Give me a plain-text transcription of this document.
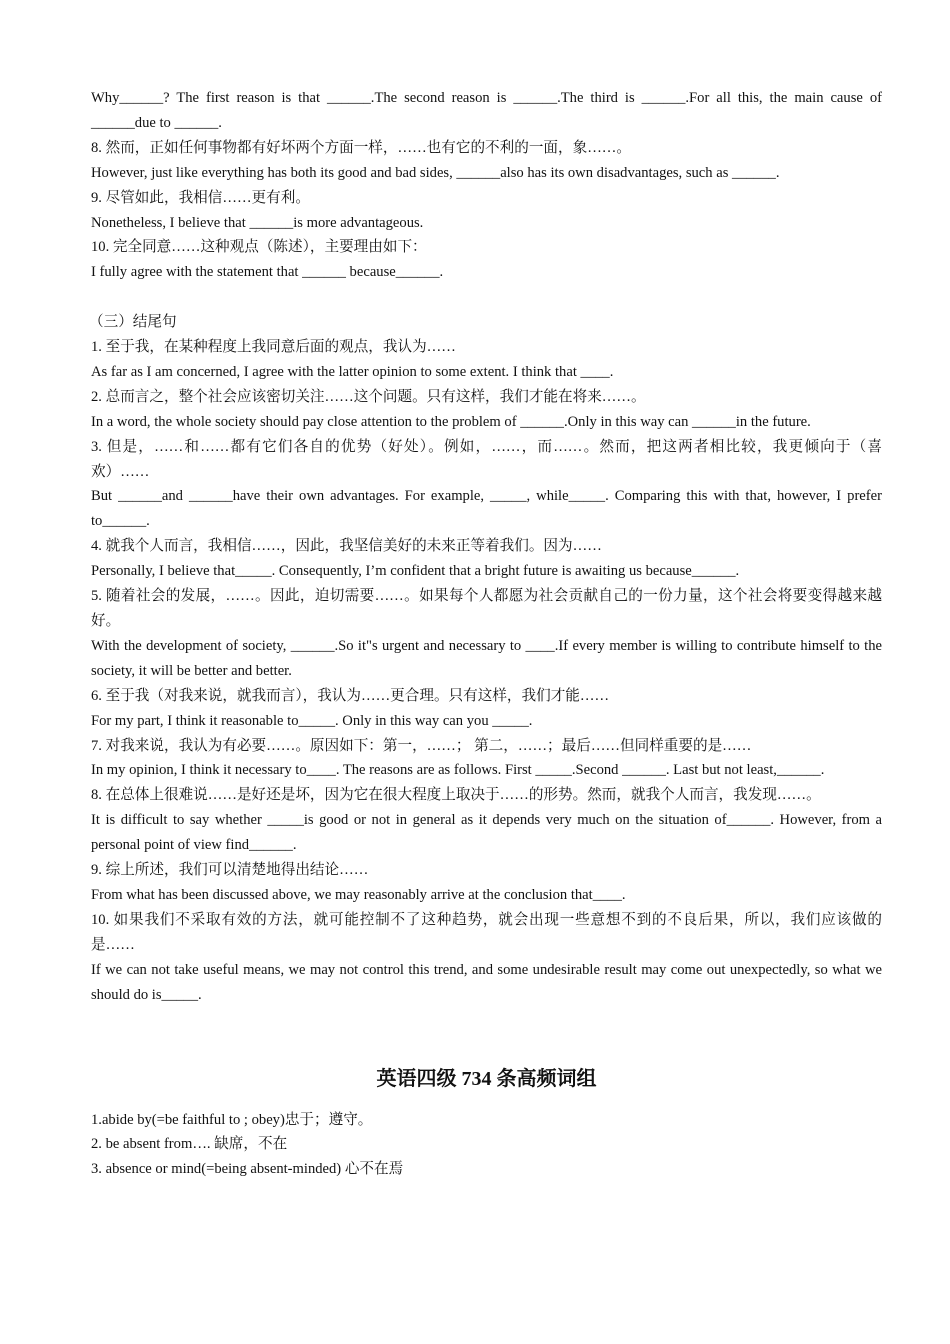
Why______? The first reason is that ______.The second reason is ______.The third is ______.For all this, the main cause of ______due to ______.

8. 然而，正如任何事物都有好坏两个方面一样，……也有它的不利的一面，象……。

However, just like everything has both its good and bad sides, ______also has its own disadvantages, such as ______.

9. 尽管如此，我相信……更有利。

Nonetheless, I believe that ______is more advantageous.

10. 完全同意……这种观点（陈述），主要理由如下：

I fully agree with the statement that ______ because______.

（三）结尾句

1. 至于我，在某种程度上我同意后面的观点，我认为……

As far as I am concerned, I agree with the latter opinion to some extent. I think that ____.

2. 总而言之，整个社会应该密切关注……这个问题。只有这样，我们才能在将来……。

In a word, the whole society should pay close attention to the problem of ______.Only in this way can ______in the future.

3. 但是，……和……都有它们各自的优势（好处）。例如，……，而……。然而，把这两者相比较，我更倾向于（喜欢）……

But ______and ______have their own advantages. For example, _____, while_____. Comparing this with that, however, I prefer to______.

4. 就我个人而言，我相信……，因此，我坚信美好的未来正等着我们。因为……

Personally, I believe that_____. Consequently, I’m confident that a bright future is awaiting us because______.

5. 随着社会的发展，……。因此，迫切需要……。如果每个人都愿为社会贡献自己的一份力量，这个社会将要变得越来越好。

With the development of society, ______.So it"s urgent and necessary to ____.If every member is willing to contribute himself to the society, it will be better and better.

6. 至于我（对我来说，就我而言），我认为……更合理。只有这样，我们才能……

For my part, I think it reasonable to_____. Only in this way can you _____.

7. 对我来说，我认为有必要……。原因如下：第一，……； 第二，……；最后……但同样重要的是……

In my opinion, I think it necessary to____. The reasons are as follows. First _____.Second ______. Last but not least,______.

8. 在总体上很难说……是好还是坏，因为它在很大程度上取决于……的形势。然而，就我个人而言，我发现……。

It is difficult to say whether _____is good or not in general as it depends very much on the situation of______. However, from a personal point of view find______.

9. 综上所述，我们可以清楚地得出结论……

From what has been discussed above, we may reasonably arrive at the conclusion that____.

10. 如果我们不采取有效的方法，就可能控制不了这种趋势，就会出现一些意想不到的不良后果，所以，我们应该做的是……

If we can not take useful means, we may not control this trend, and some undesirable result may come out unexpectedly, so what we should do is_____.

英语四级 734 条高频词组

1.abide by(=be faithful to ; obey)忠于；遵守。

2. be absent from…. 缺席，不在

3. absence or mind(=being absent-minded) 心不在焉
